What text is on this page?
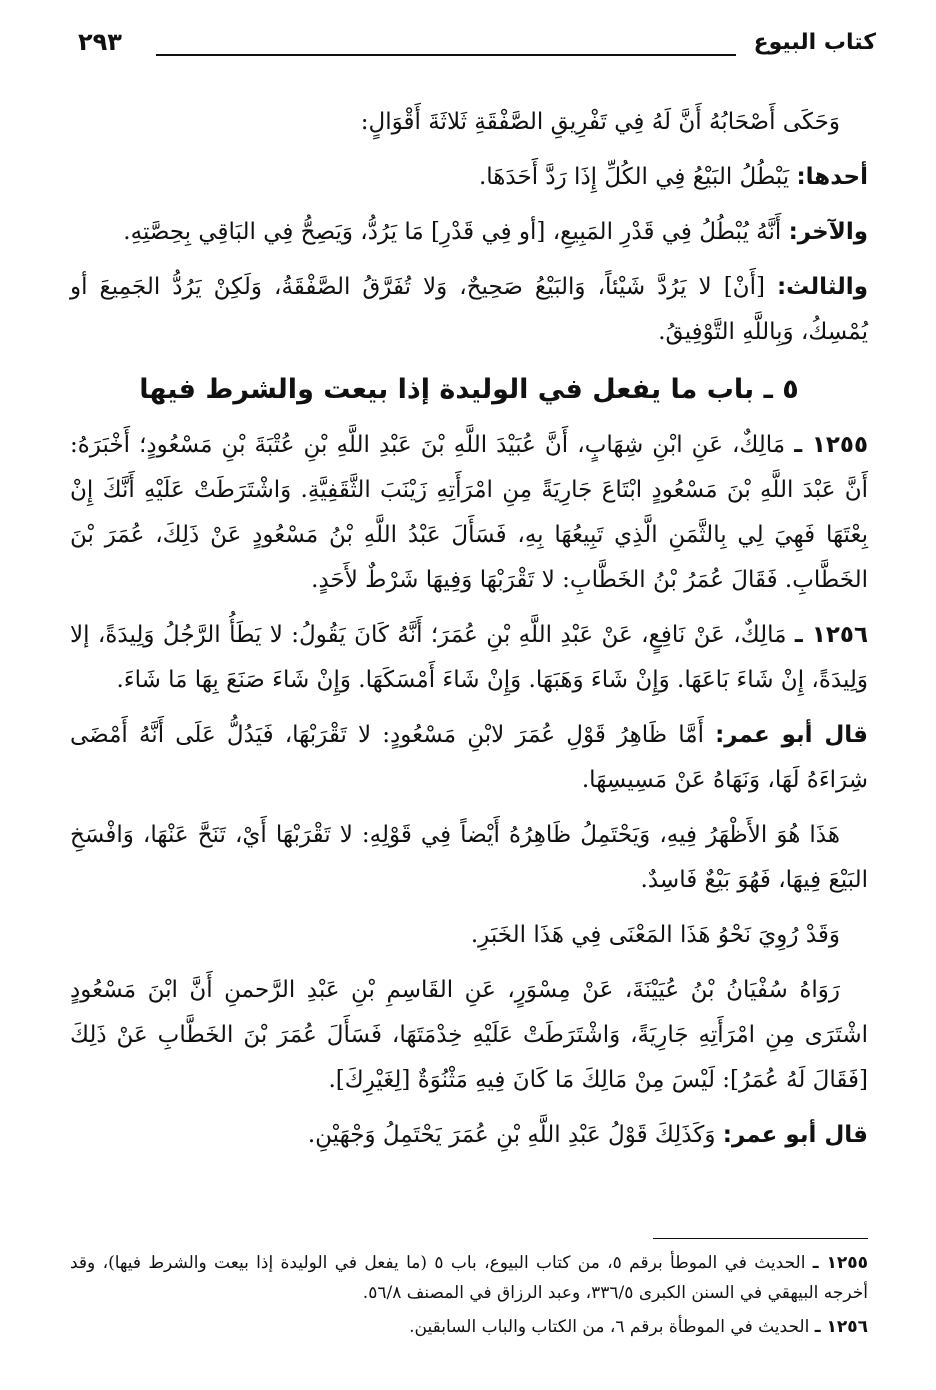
كتاب البيوع
٢٩٣

وَحَكَى أَصْحَابُهُ أَنَّ لَهُ فِي تَفْرِيقِ الصَّفْقَةِ ثَلاثَةَ أَقْوَالٍ:

أحدها: يَبْطُلُ البَيْعُ فِي الكُلِّ إِذَا رَدَّ أَحَدَهَا.

والآخر: أَنَّهُ يُبْطُلُ فِي قَدْرِ المَبِيعِ، [أو فِي قَدْرِ] مَا يَرُدُّ، وَيَصِحُّ فِي البَاقِي بِحِصَّتِهِ.

والثالث: [أَنْ] لا يَرُدَّ شَيْئاً، وَالبَيْعُ صَحِيحٌ، وَلا تُفَرَّقُ الصَّفْقَةُ، وَلَكِنْ يَرُدُّ الجَمِيعَ أو يُمْسِكُ، وَبِاللَّهِ التَّوْفِيقُ.

٥ ـ باب ما يفعل في الوليدة إذا بيعت والشرط فيها

١٢٥٥ ـ مَالِكٌ، عَنِ ابْنِ شِهَابٍ، أَنَّ عُبَيْدَ اللَّهِ بْنَ عَبْدِ اللَّهِ بْنِ عُتْبَةَ بْنِ مَسْعُودٍ؛ أَخْبَرَهُ: أَنَّ عَبْدَ اللَّهِ بْنَ مَسْعُودٍ ابْتَاعَ جَارِيَةً مِنِ امْرَأَتِهِ زَيْنَبَ الثَّقَفِيَّةِ. وَاشْتَرَطَتْ عَلَيْهِ أَنَّكَ إِنْ بِعْتَهَا فَهِيَ لِي بِالثَّمَنِ الَّذِي تَبِيعُهَا بِهِ، فَسَأَلَ عَبْدُ اللَّهِ بْنُ مَسْعُودٍ عَنْ ذَلِكَ، عُمَرَ بْنَ الخَطَّابِ. فَقَالَ عُمَرُ بْنُ الخَطَّابِ: لا تَقْرَبْهَا وَفِيهَا شَرْطٌ لأَحَدٍ.

١٢٥٦ ـ مَالِكٌ، عَنْ نَافِعٍ، عَنْ عَبْدِ اللَّهِ بْنِ عُمَرَ؛ أَنَّهُ كَانَ يَقُولُ: لا يَطَأُ الرَّجُلُ وَلِيدَةً، إلا وَلِيدَةً، إِنْ شَاءَ بَاعَهَا. وَإِنْ شَاءَ وَهَبَهَا. وَإِنْ شَاءَ أَمْسَكَهَا. وَإِنْ شَاءَ صَنَعَ بِهَا مَا شَاءَ.

قال أبو عمر: أَمَّا ظَاهِرُ قَوْلِ عُمَرَ لابْنِ مَسْعُودٍ: لا تَقْرَبْهَا، فَيَدُلُّ عَلَى أَنَّهُ أَمْضَى شِرَاءَهُ لَهَا، وَنَهَاهُ عَنْ مَسِيسِهَا.

هَذَا هُوَ الأَظْهَرُ فِيهِ، وَيَحْتَمِلُ ظَاهِرُهُ أَيْضاً فِي قَوْلِهِ: لا تَقْرَبْهَا أَيْ، تَنَحَّ عَنْهَا، وَافْسَخِ البَيْعَ فِيهَا، فَهُوَ بَيْعٌ فَاسِدٌ.

وَقَدْ رُوِيَ نَحْوُ هَذَا المَعْنَى فِي هَذَا الخَبَرِ.

رَوَاهُ سُفْيَانُ بْنُ عُيَيْنَةَ، عَنْ مِسْوَرٍ، عَنِ القَاسِمِ بْنِ عَبْدِ الرَّحمنِ أَنَّ ابْنَ مَسْعُودٍ اشْتَرَى مِنِ امْرَأَتِهِ جَارِيَةً، وَاشْتَرَطَتْ عَلَيْهِ خِدْمَتَهَا، فَسَأَلَ عُمَرَ بْنَ الخَطَّابِ عَنْ ذَلِكَ [فَقَالَ لَهُ عُمَرُ]: لَيْسَ مِنْ مَالِكَ مَا كَانَ فِيهِ مَثْنُوَةٌ [لِغَيْرِكَ].

قال أبو عمر: وَكَذَلِكَ قَوْلُ عَبْدِ اللَّهِ بْنِ عُمَرَ يَحْتَمِلُ وَجْهَيْنِ.

١٢٥٥ ـ الحديث في الموطأ برقم ٥، من كتاب البيوع، باب ٥ (ما يفعل في الوليدة إذا بيعت والشرط فيها)، وقد أخرجه البيهقي في السنن الكبرى ٣٣٦/٥، وعبد الرزاق في المصنف ٥٦/٨.

١٢٥٦ ـ الحديث في الموطأة برقم ٦، من الكتاب والباب السابقين.
